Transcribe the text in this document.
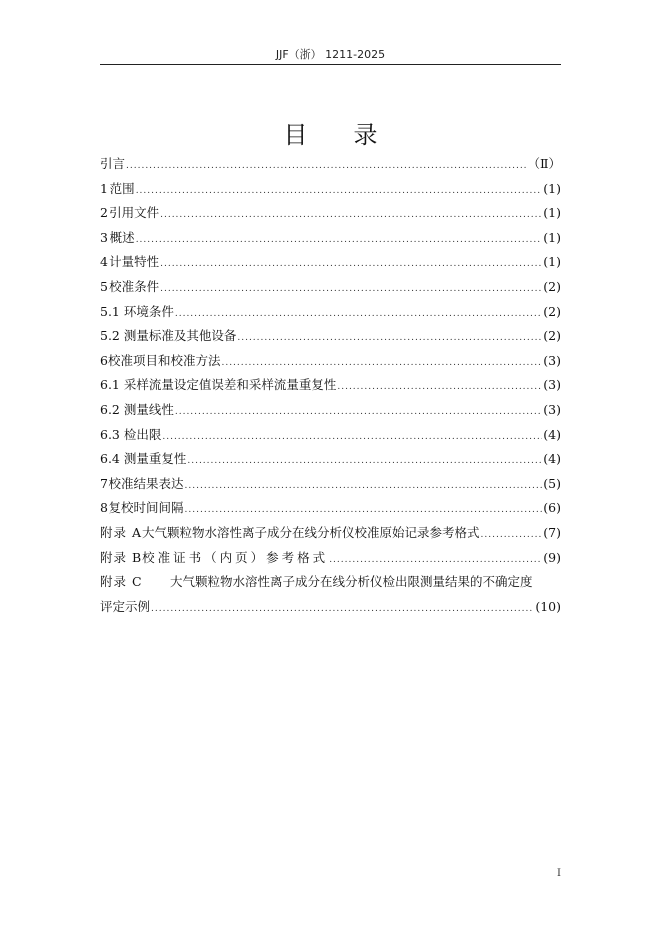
JJF（浙） 1211-2025
目录
引言 .....	（Ⅱ）
1 范围 .....	(1)
2 引用文件 .....	(1)
3 概述 .....	(1)
4 计量特性 .....	(1)
5 校准条件 .....	(2)
5.1 环境条件 .....	(2)
5.2 测量标准及其他设备 .....	(2)
6 校准项目和校准方法 .....	(3)
6.1 采样流量设定值误差和采样流量重复性 .....	(3)
6.2 测量线性 .....	(3)
6.3 检出限 .....	(4)
6.4 测量重复性 .....	(4)
7 校准结果表达 .....	(5)
8 复校时间间隔 .....	(6)
附录 A 大气颗粒物水溶性离子成分在线分析仪校准原始记录参考格式 .....	(7)
附录 B 校准证书（内页）参考格式 .....	(9)
附录 C	大气颗粒物水溶性离子成分在线分析仪检出限测量结果的不确定度
评定示例 .....	(10)
I
